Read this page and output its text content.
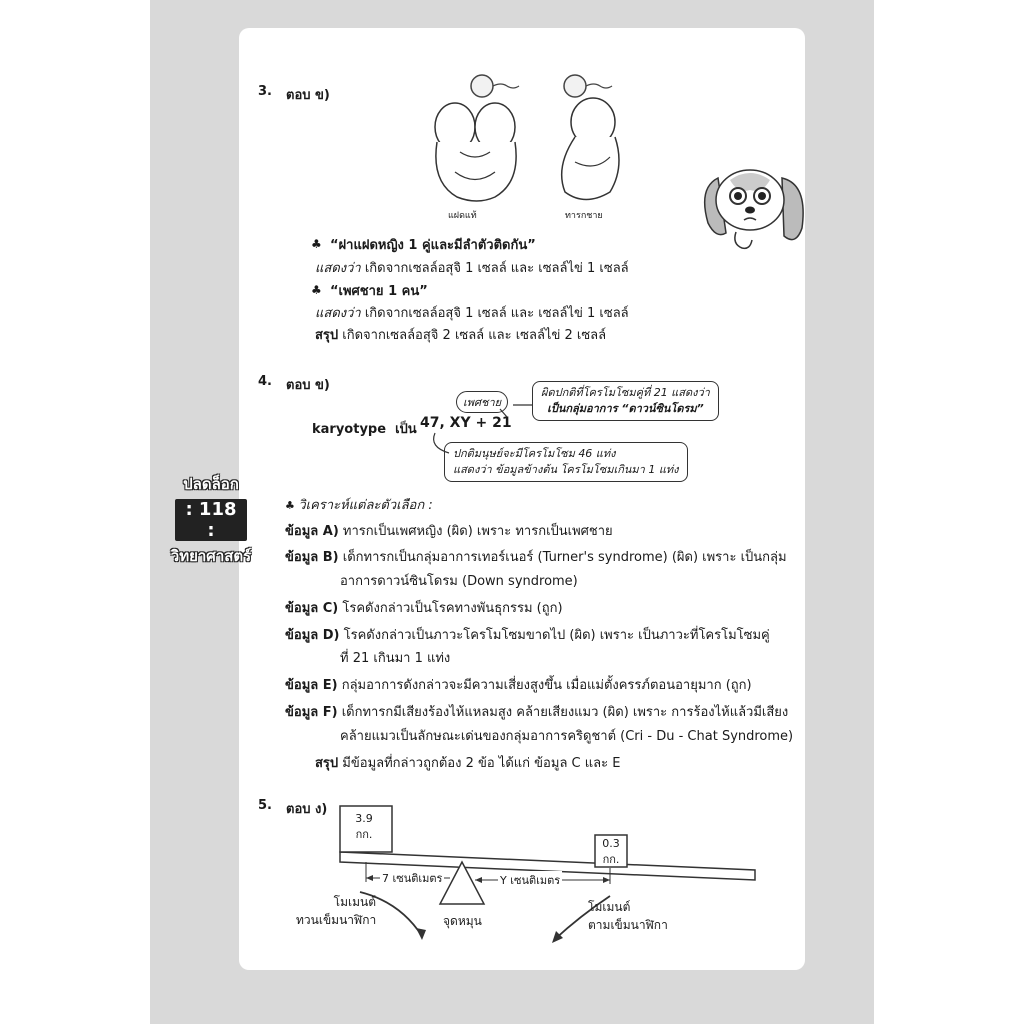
ปลดล็อก
: 118 :
วิทยาศาสตร์
3. ตอบ ข)
แฝดแท้	ทารกชาย
♣ “ฝาแฝดหญิง 1 คู่และมีลำตัวติดกัน”
แสดงว่า เกิดจากเซลล์อสุจิ 1 เซลล์ และ เซลล์ไข่ 1 เซลล์
♣ “เพศชาย 1 คน”
แสดงว่า เกิดจากเซลล์อสุจิ 1 เซลล์ และ เซลล์ไข่ 1 เซลล์
สรุป เกิดจากเซลล์อสุจิ 2 เซลล์ และ เซลล์ไข่ 2 เซลล์
4. ตอบ ข)
เพศชาย
ผิดปกติที่โครโมโซมคู่ที่ 21 แสดงว่า
เป็นกลุ่มอาการ “ดาวน์ซินโดรม”
karyotype เป็น 47, XY + 21
ปกติมนุษย์จะมีโครโมโซม 46 แท่ง
แสดงว่า ข้อมูลข้างต้น โครโมโซมเกินมา 1 แท่ง
♣ วิเคราะห์แต่ละตัวเลือก :
ข้อมูล A) ทารกเป็นเพศหญิง (ผิด) เพราะ ทารกเป็นเพศชาย
ข้อมูล B) เด็กทารกเป็นกลุ่มอาการเทอร์เนอร์ (Turner's syndrome) (ผิด) เพราะ เป็นกลุ่ม
อาการดาวน์ซินโดรม (Down syndrome)
ข้อมูล C) โรคดังกล่าวเป็นโรคทางพันธุกรรม (ถูก)
ข้อมูล D) โรคดังกล่าวเป็นภาวะโครโมโซมขาดไป (ผิด) เพราะ เป็นภาวะที่โครโมโซมคู่
ที่ 21 เกินมา 1 แท่ง
ข้อมูล E) กลุ่มอาการดังกล่าวจะมีความเสี่ยงสูงขึ้น เมื่อแม่ตั้งครรภ์ตอนอายุมาก (ถูก)
ข้อมูล F) เด็กทารกมีเสียงร้องไห้แหลมสูง คล้ายเสียงแมว (ผิด) เพราะ การร้องไห้แล้วมีเสียง
คล้ายแมวเป็นลักษณะเด่นของกลุ่มอาการคริดูชาต์ (Cri - Du - Chat Syndrome)
สรุป มีข้อมูลที่กล่าวถูกต้อง 2 ข้อ ได้แก่ ข้อมูล C และ E
5. ตอบ ง)
3.9
กก.
0.3
กก.
7 เซนติเมตร	Y เซนติเมตร
จุดหมุน
โมเมนต์
ทวนเข็มนาฬิกา
โมเมนต์
ตามเข็มนาฬิกา
